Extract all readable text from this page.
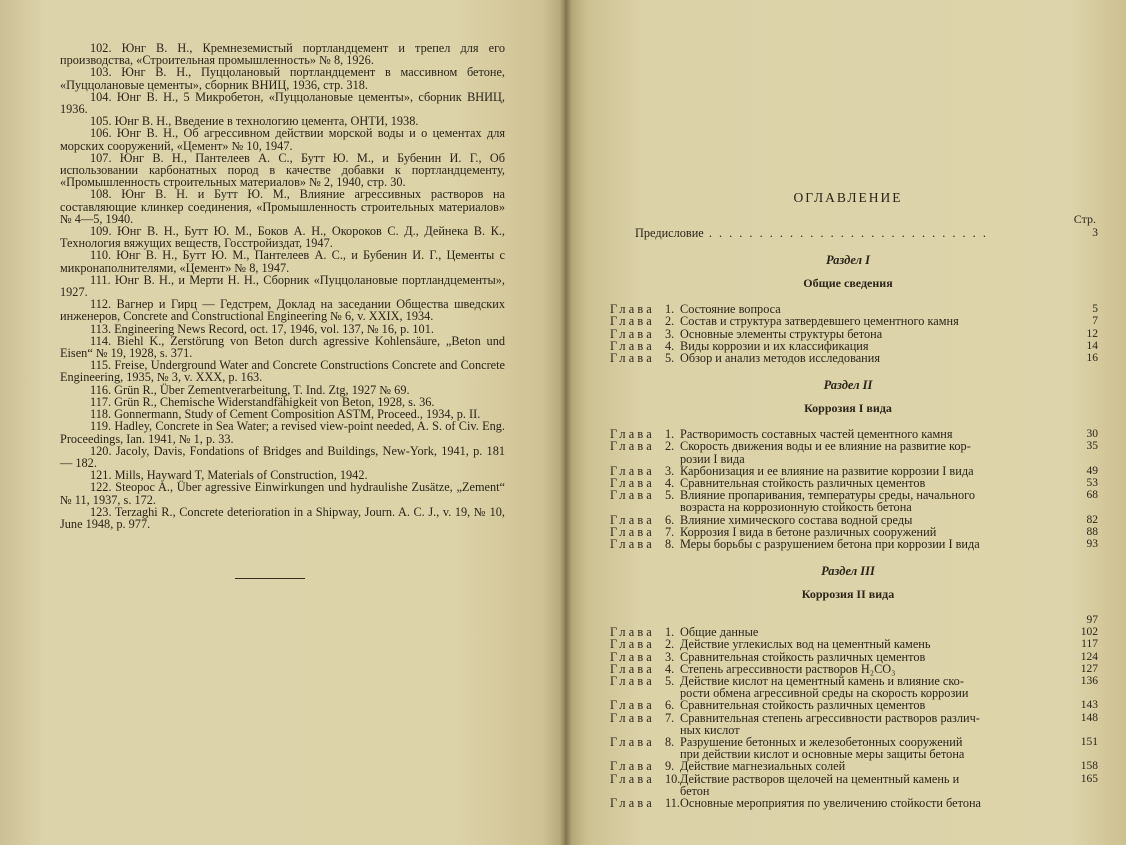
102. Юнг В. Н., Кремнеземистый портландцемент и трепел для его производства, «Строительная промышленность» № 8, 1926.

103. Юнг В. Н., Пуццолановый портландцемент в массивном бетоне, «Пуццолановые цементы», сборник ВНИЦ, 1936, стр. 318.

104. Юнг В. Н., 5 Микробетон, «Пуццолановые цементы», сборник ВНИЦ, 1936.

105. Юнг В. Н., Введение в технологию цемента, ОНТИ, 1938.

106. Юнг В. Н., Об агрессивном действии морской воды и о цементах для морских сооружений, «Цемент» № 10, 1947.

107. Юнг В. Н., Пантелеев А. С., Бутт Ю. М., и Бубенин И. Г., Об использовании карбонатных пород в качестве добавки к портландцементу, «Промышленность строительных материалов» № 2, 1940, стр. 30.

108. Юнг В. Н. и Бутт Ю. М., Влияние агрессивных растворов на составляющие клинкер соединения, «Промышленность строительных материалов» № 4—5, 1940.

109. Юнг В. Н., Бутт Ю. М., Боков А. Н., Окороков С. Д., Дейнека В. К., Технология вяжущих веществ, Госстройиздат, 1947.

110. Юнг В. Н., Бутт Ю. М., Пантелеев А. С., и Бубенин И. Г., Цементы с микронаполнителями, «Цемент» № 8, 1947.

111. Юнг В. Н., и Мерти Н. Н., Сборник «Пуццолановые портландцементы», 1927.

112. Вагнер и Гирц — Гедстрем, Доклад на заседании Общества шведских инженеров, Concrete and Constructional Engineering № 6, v. XXIX, 1934.

113. Engineering News Record, oct. 17, 1946, vol. 137, № 16, p. 101.

114. Biehl K., Zerstörung von Beton durch agressive Kohlensäure, „Beton und Eisen“ № 19, 1928, s. 371.

115. Freise, Underground Water and Concrete Constructions Concrete and Concrete Engineering, 1935, № 3, v. XXX, p. 163.

116. Grün R., Über Zementverarbeitung, T. Ind. Ztg, 1927 № 69.

117. Grün R., Chemische Widerstandfähigkeit von Beton, 1928, s. 36.

118. Gonnermann, Study of Cement Composition ASTM, Proceed., 1934, p. II.

119. Hadley, Concrete in Sea Water; a revised view-point needed, A. S. of Civ. Eng. Proceedings, Ian. 1941, № 1, p. 33.

120. Jacoly, Davis, Fondations of Bridges and Buildings, New-York, 1941, p. 181 — 182.

121. Mills, Hayward T, Materials of Construction, 1942.

122. Steopoc A., Über agressive Einwirkungen und hydraulishe Zusätze, „Zement“ № 11, 1937, s. 172.

123. Terzaghi R., Concrete deterioration in a Shipway, Journ. A. C. J., v. 19, № 10, June 1948, p. 977.

ОГЛАВЛЕНИЕ
Стр.
Предисловие . . .	3
Раздел I
Общие сведения
Глава 1. Состояние вопроса	5
Глава 2. Состав и структура затвердевшего цементного камня	7
Глава 3. Основные элементы структуры бетона	12
Глава 4. Виды коррозии и их классификация	14
Глава 5. Обзор и анализ методов исследования	16
Раздел II
Коррозия I вида
Глава 1. Растворимость составных частей цементного камня	30
Глава 2. Скорость движения воды и ее влияние на развитие кор-
розии I вида
35
Глава 3. Карбонизация и ее влияние на развитие коррозии I вида	49
Глава 4. Сравнительная стойкость различных цементов	53
Глава 5. Влияние пропаривания, температуры среды, начального
возраста на коррозионную стойкость бетона
68
Глава 6. Влияние химического состава водной среды	82
Глава 7. Коррозия I вида в бетоне различных сооружений	88
Глава 8. Меры борьбы с разрушением бетона при коррозии I вида	93
Раздел III
Коррозия II вида
97
Глава 1. Общие данные	102
Глава 2. Действие углекислых вод на цементный камень	117
Глава 3. Сравнительная стойкость различных цементов	124
Глава 4. Степень агрессивности растворов H₂CO₃	127
Глава 5. Действие кислот на цементный камень и влияние ско-
рости обмена агрессивной среды на скорость коррозии
136
Глава 6. Сравнительная стойкость различных цементов	143
Глава 7. Сравнительная степень агрессивности растворов различ-
ных кислот
148
Глава 8. Разрушение бетонных и железобетонных сооружений
при действии кислот и основные меры защиты бетона
151
Глава 9. Действие магнезиальных солей	158
Глава 10. Действие растворов щелочей на цементный камень и
бетон
165
Глава 11. Основные мероприятия по увеличению стойкости бетона
